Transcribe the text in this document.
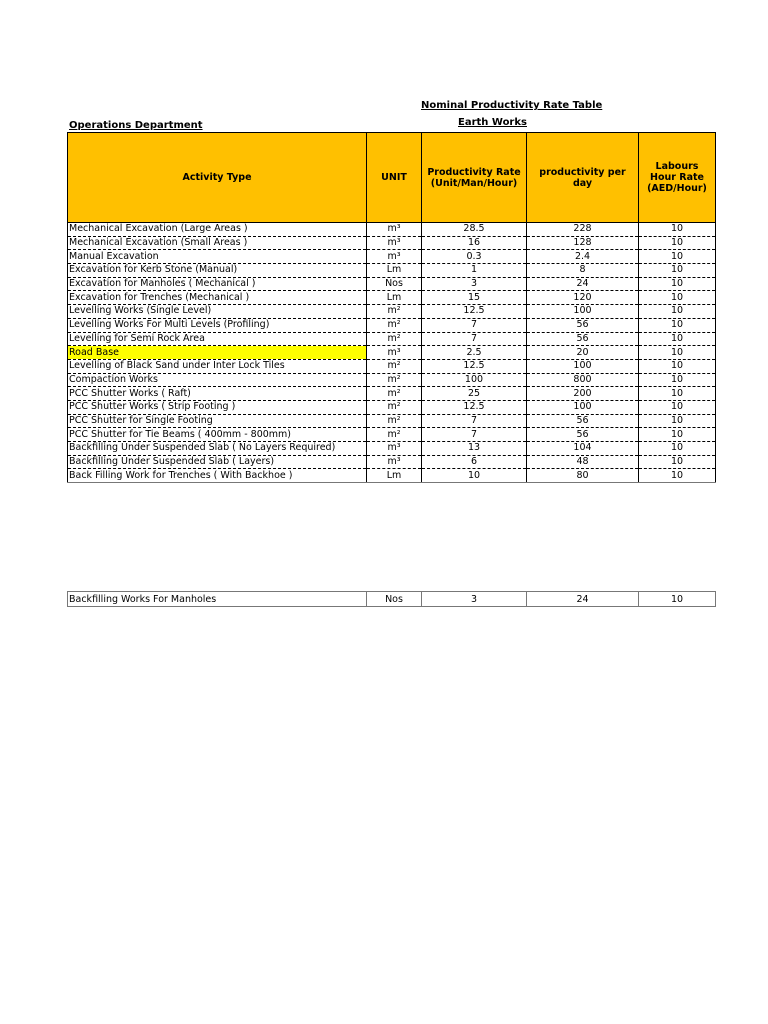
Nominal Productivity Rate Table

Earth Works

Operations Department

Activity Type	UNIT	Productivity Rate (Unit/Man/Hour)	productivity per day	Labours Hour Rate (AED/Hour)
Mechanical Excavation (Large Areas )	m³	28.5	228	10
Mechanical Excavation (Small Areas )	m³	16	128	10
Manual Excavation	m³	0.3	2.4	10
Excavation for Kerb Stone (Manual)	Lm	1	8	10
Excavation for Manholes ( Mechanical )	Nos	3	24	10
Excavation for Trenches (Mechanical )	Lm	15	120	10
Levelling Works (Single Level)	m²	12.5	100	10
Levelling Works For Multi Levels (Profiling)	m²	7	56	10
Levelling for Semi Rock Area	m²	7	56	10
Road Base	m³	2.5	20	10
Levelling of Black Sand under Inter Lock Tiles	m²	12.5	100	10
Compaction Works	m²	100	800	10
PCC Shutter Works ( Raft)	m²	25	200	10
PCC Shutter Works ( Strip Footing )	m²	12.5	100	10
PCC Shutter for Single Footing	m²	7	56	10
PCC Shutter for Tie Beams ( 400mm - 800mm)	m²	7	56	10
Backfilling Under Suspended Slab ( No Layers Required)	m³	13	104	10
Backfilling Under Suspended Slab ( Layers)	m³	6	48	10
Back Filling Work for Trenches ( With Backhoe )	Lm	10	80	10
Backfilling Works For Manholes	Nos	3	24	10
